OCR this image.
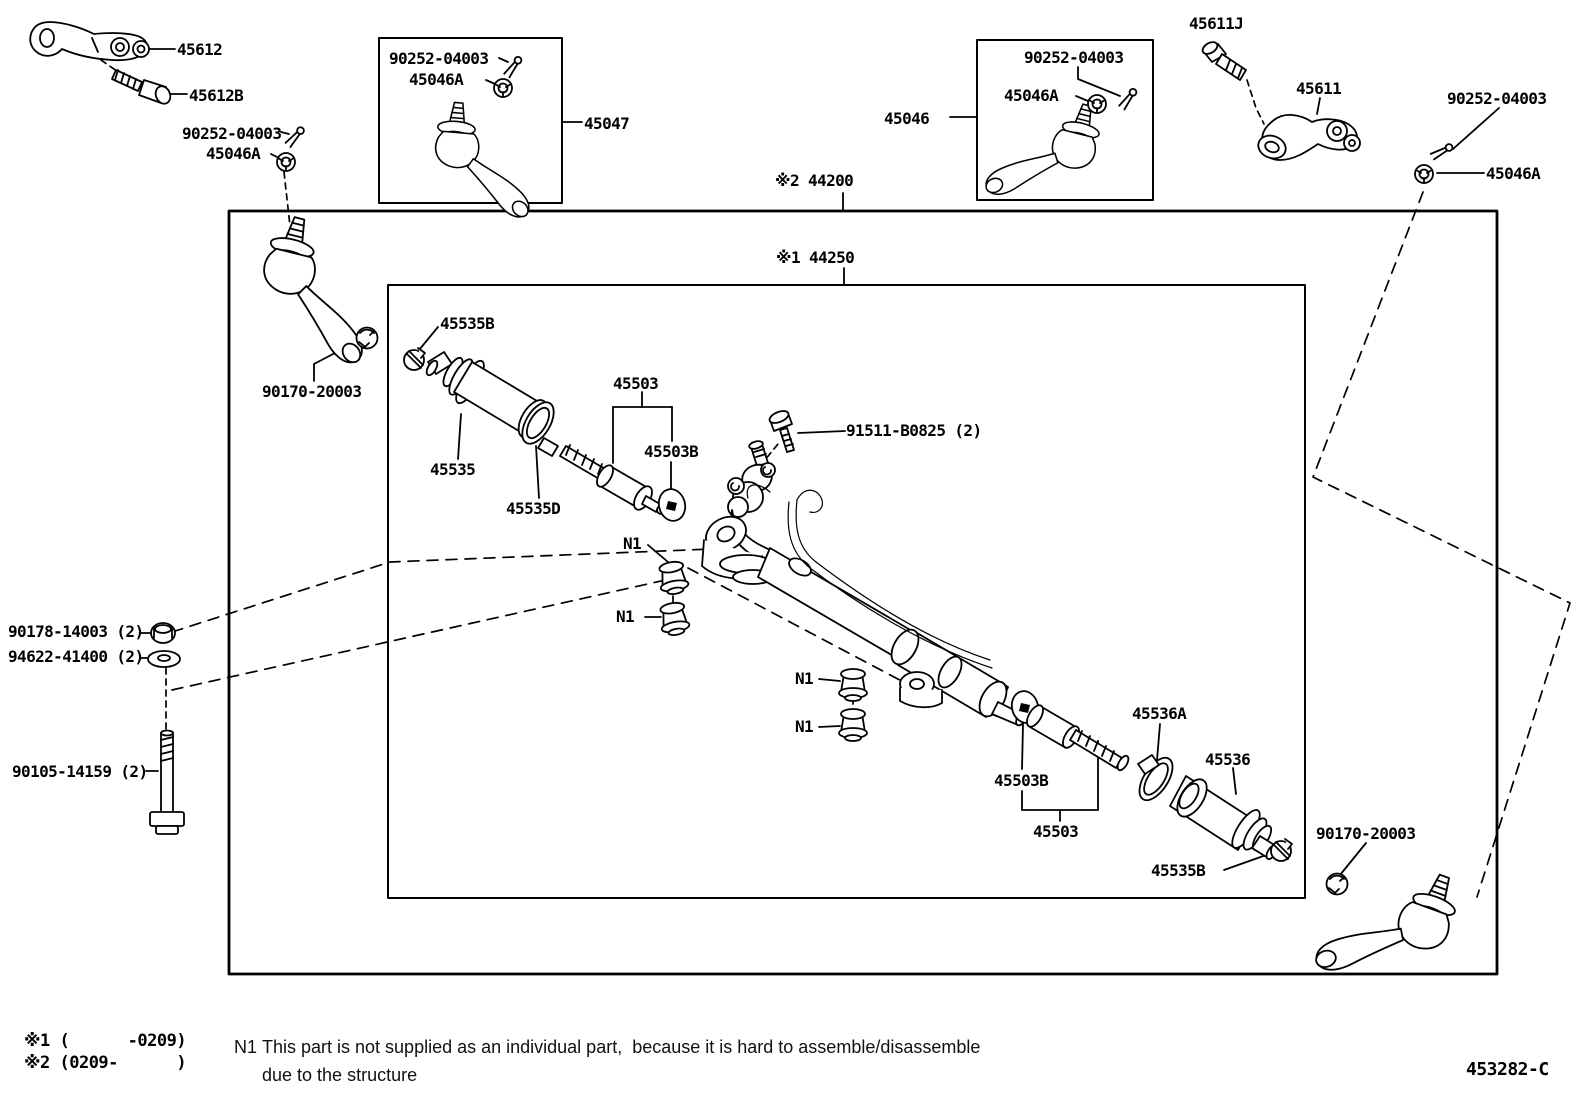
45612
45612B
90252-04003
45046A
90252-04003
45046A
45047
※2 44200
※1 44250
45046
90252-04003
45046A
45611J
45611
90252-04003
45046A
90170-20003
45535B
45535
45535D
45503
45503B
91511-B0825 (2)
N1
N1
N1
N1
90178-14003 (2)
94622-41400 (2)
90105-14159 (2)	45503B
45503
45536A
45536
45535B
90170-20003
※1 (      -0209)
※2 (0209-      )
N1 This part is not supplied as an individual part,  because it is hard to assemble/disassemble
due to the structure	453282-C
